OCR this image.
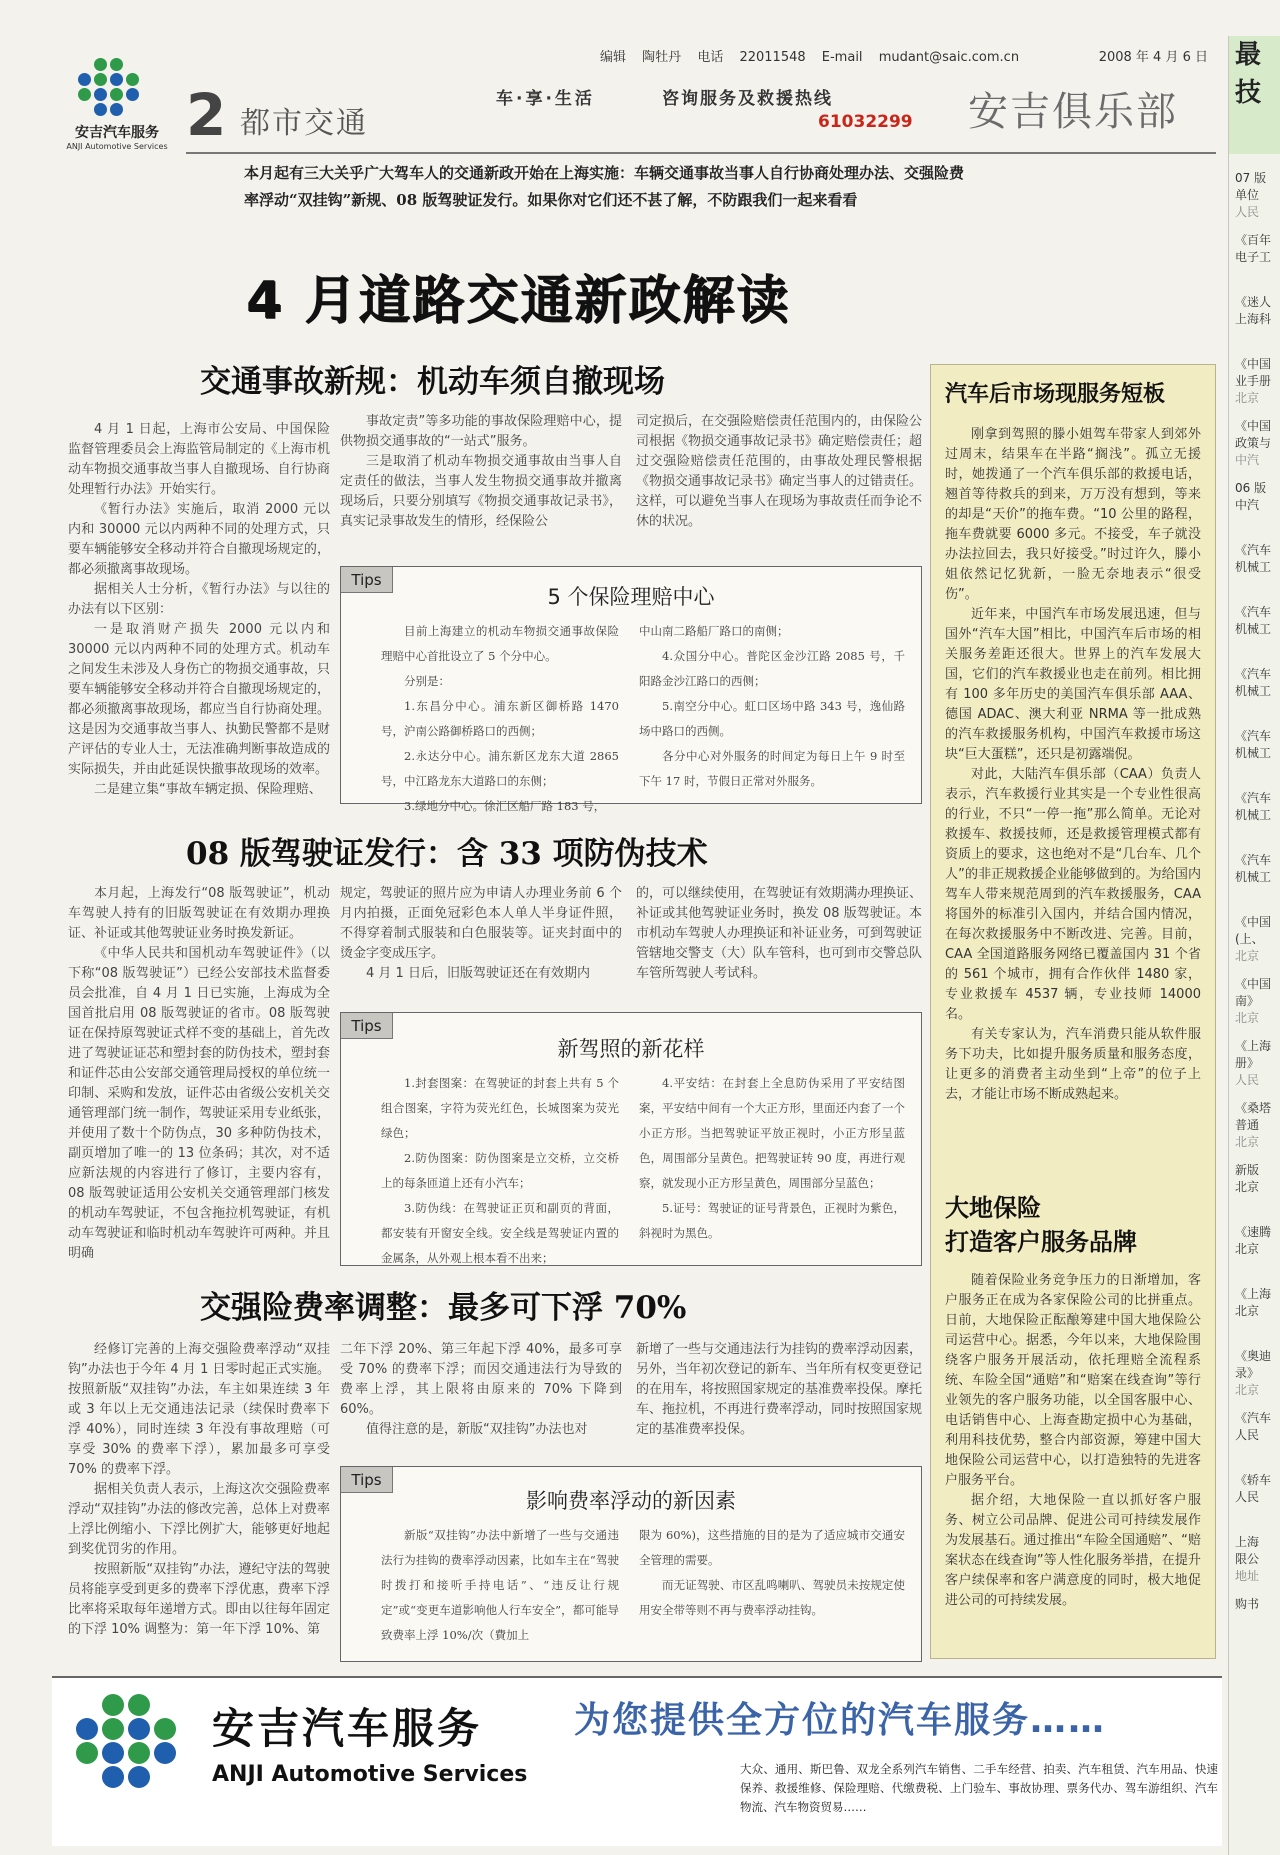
编辑 陶牡丹 电话 22011548 E-mail mudant@saic.com.cn	2008 年 4 月 6 日
安吉汽车服务
ANJI Automotive Services 2 都市交通
车·享·生活	咨询服务及救援热线
61032299 安吉俱乐部
最
技
07 版
单位
人民
《百年
电子工
《迷人
上海科
《中国
业手册
北京
《中国
政策与
中汽
06 版
中汽
《汽车
机械工
《汽车
机械工
《汽车
机械工
《汽车
机械工
《汽车
机械工
《汽车
机械工
《中国
(上、
北京
《中国
南》
北京
《上海
册》
人民
《桑塔
普通
北京
新版
北京
《速腾
北京
《上海
北京
《奥迪
录》
北京
《汽车
人民
《轿车
人民
上海
限公
地址
购书
本月起有三大关乎广大驾车人的交通新政开始在上海实施：车辆交通事故当事人自行协商处理办法、交强险费率浮动“双挂钩”新规、08 版驾驶证发行。如果你对它们还不甚了解，不防跟我们一起来看看
4 月道路交通新政解读
交通事故新规：机动车须自撤现场

4 月 1 日起，上海市公安局、中国保险监督管理委员会上海监管局制定的《上海市机动车物损交通事故当事人自撤现场、自行协商处理暂行办法》开始实行。

《暂行办法》实施后，取消 2000 元以内和 30000 元以内两种不同的处理方式，只要车辆能够安全移动并符合自撤现场规定的，都必须撤离事故现场。

据相关人士分析，《暂行办法》与以往的办法有以下区别：

一是取消财产损失 2000 元以内和 30000 元以内两种不同的处理方式。机动车之间发生未涉及人身伤亡的物损交通事故，只要车辆能够安全移动并符合自撤现场规定的，都必须撤离事故现场，都应当自行协商处理。这是因为交通事故当事人、执勤民警都不是财产评估的专业人士，无法准确判断事故造成的实际损失，并由此延误快撤事故现场的效率。

二是建立集“事故车辆定损、保险理赔、

事故定责”等多功能的事故保险理赔中心，提供物损交通事故的“一站式”服务。

三是取消了机动车物损交通事故由当事人自定责任的做法，当事人发生物损交通事故并撤离现场后，只要分别填写《物损交通事故记录书》，真实记录事故发生的情形，经保险公

司定损后，在交强险赔偿责任范围内的，由保险公司根据《物损交通事故记录书》确定赔偿责任；超过交强险赔偿责任范围的，由事故处理民警根据《物损交通事故记录书》确定当事人的过错责任。这样，可以避免当事人在现场为事故责任而争论不休的状况。

Tips
5 个保险理赔中心

目前上海建立的机动车物损交通事故保险理赔中心首批设立了 5 个分中心。

分别是：

1.东昌分中心。浦东新区御桥路 1470 号，沪南公路御桥路口的西侧；

2.永达分中心。浦东新区龙东大道 2865 号，中江路龙东大道路口的东侧；

3.绿地分中心。徐汇区船厂路 183 号，

中山南二路船厂路口的南侧；

4.众国分中心。普陀区金沙江路 2085 号，千阳路金沙江路口的西侧；

5.南空分中心。虹口区场中路 343 号，逸仙路场中路口的西侧。

各分中心对外服务的时间定为每日上午 9 时至下午 17 时，节假日正常对外服务。

08 版驾驶证发行：含 33 项防伪技术

本月起，上海发行“08 版驾驶证”，机动车驾驶人持有的旧版驾驶证在有效期办理换证、补证或其他驾驶证业务时换发新证。

《中华人民共和国机动车驾驶证件》（以下称“08 版驾驶证”）已经公安部技术监督委员会批准，自 4 月 1 日已实施，上海成为全国首批启用 08 版驾驶证的省市。08 版驾驶证在保持原驾驶证式样不变的基础上，首先改进了驾驶证证芯和塑封套的防伪技术，塑封套和证件芯由公安部交通管理局授权的单位统一印制、采购和发放，证件芯由省级公安机关交通管理部门统一制作，驾驶证采用专业纸张，并使用了数十个防伪点，30 多种防伪技术，副页增加了唯一的 13 位条码；其次，对不适应新法规的内容进行了修订，主要内容有，08 版驾驶证适用公安机关交通管理部门核发的机动车驾驶证，不包含拖拉机驾驶证，有机动车驾驶证和临时机动车驾驶许可两种。并且明确

规定，驾驶证的照片应为申请人办理业务前 6 个月内拍摄，正面免冠彩色本人单人半身证件照，不得穿着制式服装和白色服装等。证夹封面中的烫金字变成压字。

4 月 1 日后，旧版驾驶证还在有效期内

的，可以继续使用，在驾驶证有效期满办理换证、补证或其他驾驶证业务时，换发 08 版驾驶证。本市机动车驾驶人办理换证和补证业务，可到驾驶证管辖地交警支（大）队车管科，也可到市交警总队车管所驾驶人考试科。

Tips
新驾照的新花样

1.封套图案：在驾驶证的封套上共有 5 个组合图案，字符为荧光红色，长城图案为荧光绿色；

2.防伪图案：防伪图案是立交桥，立交桥上的每条匝道上还有小汽车；

3.防伪线：在驾驶证正页和副页的背面，都安装有开窗安全线。安全线是驾驶证内置的金属条，从外观上根本看不出来；

4.平安结：在封套上全息防伪采用了平安结图案，平安结中间有一个大正方形，里面还内套了一个小正方形。当把驾驶证平放正视时，小正方形呈蓝色，周围部分呈黄色。把驾驶证转 90 度，再进行观察，就发现小正方形呈黄色，周围部分呈蓝色；

5.证号：驾驶证的证号背景色，正视时为紫色，斜视时为黑色。

交强险费率调整：最多可下浮 70%

经修订完善的上海交强险费率浮动“双挂钩”办法也于今年 4 月 1 日零时起正式实施。按照新版“双挂钩”办法，车主如果连续 3 年或 3 年以上无交通违法记录（续保时费率下浮 40%），同时连续 3 年没有事故理赔（可享受 30% 的费率下浮），累加最多可享受 70% 的费率下浮。

据相关负责人表示，上海这次交强险费率浮动“双挂钩”办法的修改完善，总体上对费率上浮比例缩小、下浮比例扩大，能够更好地起到奖优罚劣的作用。

按照新版“双挂钩”办法，遵纪守法的驾驶员将能享受到更多的费率下浮优惠，费率下浮比率将采取每年递增方式。即由以往每年固定的下浮 10% 调整为：第一年下浮 10%、第

二年下浮 20%、第三年起下浮 40%，最多可享受 70% 的费率下浮；而因交通违法行为导致的费率上浮，其上限将由原来的 70% 下降到 60%。

值得注意的是，新版“双挂钩”办法也对

新增了一些与交通违法行为挂钩的费率浮动因素，另外，当年初次登记的新车、当年所有权变更登记的在用车，将按照国家规定的基准费率投保。摩托车、拖拉机，不再进行费率浮动，同时按照国家规定的基准费率投保。

Tips
影响费率浮动的新因素

新版“双挂钩”办法中新增了一些与交通违法行为挂钩的费率浮动因素，比如车主在“驾驶时拨打和接听手持电话”、“违反让行规定”或“变更车道影响他人行车安全”，都可能导致费率上浮 10%/次（費加上

限为 60%)，这些措施的目的是为了适应城市交通安全管理的需要。

而无证驾驶、市区乱鸣喇叭、驾驶员未按规定使用安全带等则不再与费率浮动挂钩。

汽车后市场现服务短板

刚拿到驾照的滕小姐驾车带家人到郊外过周末，结果车在半路“搁浅”。孤立无援时，她拨通了一个汽车俱乐部的救援电话，翘首等待救兵的到来，万万没有想到，等来的却是“天价”的拖车费。“10 公里的路程，拖车费就要 6000 多元。不接受，车子就没办法拉回去，我只好接受。”时过许久，滕小姐依然记忆犹新，一脸无奈地表示“很受伤”。

近年来，中国汽车市场发展迅速，但与国外“汽车大国”相比，中国汽车后市场的相关服务差距还很大。世界上的汽车发展大国，它们的汽车救援业也走在前列。相比拥有 100 多年历史的美国汽车俱乐部 AAA、德国 ADAC、澳大利亚 NRMA 等一批成熟的汽车救援服务机构，中国汽车救援市场这块“巨大蛋糕”，还只是初露端倪。

对此，大陆汽车俱乐部（CAA）负责人表示，汽车救援行业其实是一个专业性很高的行业，不只“一停一拖”那么简单。无论对救援车、救援技师，还是救援管理模式都有资质上的要求，这也绝对不是“几台车、几个人”的非正规救援企业能够做到的。为给国内驾车人带来规范周到的汽车救援服务，CAA 将国外的标准引入国内，并结合国内情况，在每次救援服务中不断改进、完善。目前，CAA 全国道路服务网络已覆盖国内 31 个省的 561 个城市，拥有合作伙伴 1480 家，专业救援车 4537 辆，专业技师 14000 名。

有关专家认为，汽车消费只能从软件服务下功夫，比如提升服务质量和服务态度，让更多的消费者主动坐到“上帝”的位子上去，才能让市场不断成熟起来。

大地保险
打造客户服务品牌

随着保险业务竞争压力的日渐增加，客户服务正在成为各家保险公司的比拼重点。日前，大地保险正酝酿筹建中国大地保险公司运营中心。据悉，今年以来，大地保险围绕客户服务开展活动，依托理赔全流程系统、车险全国“通赔”和“赔案在线查询”等行业领先的客户服务功能，以全国客服中心、电话销售中心、上海查勘定损中心为基础，利用科技优势，整合内部资源，筹建中国大地保险公司运营中心，以打造独特的先进客户服务平台。

据介绍，大地保险一直以抓好客户服务、树立公司品牌、促进公司可持续发展作为发展基石。通过推出“车险全国通赔”、“赔案状态在线查询”等人性化服务举措，在提升客户续保率和客户满意度的同时，极大地促进公司的可持续发展。

安吉汽车服务
ANJI Automotive Services
为您提供全方位的汽车服务……
大众、通用、斯巴鲁、双龙全系列汽车销售、二手车经营、拍卖、汽车租赁、汽车用品、快速保养、救援维修、保险理赔、代缴费税、上门验车、事故协理、票务代办、驾车游组织、汽车物流、汽车物资贸易……
